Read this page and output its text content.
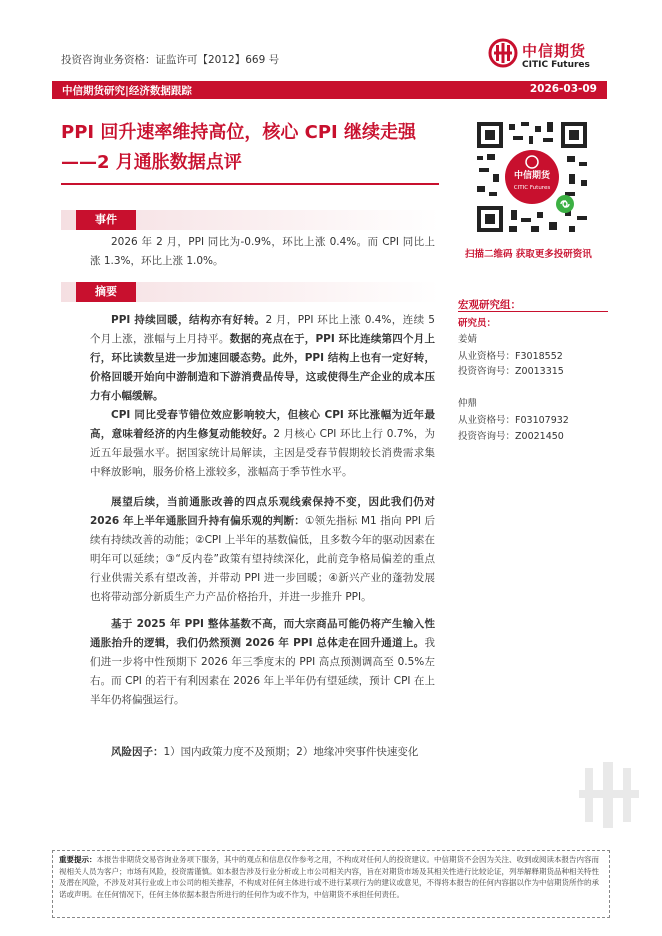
投资咨询业务资格：证监许可【2012】669 号	中信期货
CITIC Futures
中信期货研究|经济数据跟踪	2026-03-09
PPI 回升速率维持高位，核心 CPI 继续走强
——2 月通胀数据点评
中信期货
CITIC Futures
扫描二维码 获取更多投研资讯
事件
2026 年 2 月，PPI 同比为-0.9%，环比上涨 0.4%。而 CPI 同比上涨 1.3%，环比上涨 1.0%。
摘要
PPI 持续回暖，结构亦有好转。2 月，PPI 环比上涨 0.4%，连续 5 个月上涨，涨幅与上月持平。数据的亮点在于，PPI 环比连续第四个月上行，环比读数呈进一步加速回暖态势。此外，PPI 结构上也有一定好转，价格回暖开始向中游制造和下游消费品传导，这或使得生产企业的成本压力有小幅缓解。
CPI 同比受春节错位效应影响较大，但核心 CPI 环比涨幅为近年最高，意味着经济的内生修复动能较好。2 月核心 CPI 环比上行 0.7%，为近五年最强水平。据国家统计局解读，主因是受春节假期较长消费需求集中释放影响，服务价格上涨较多，涨幅高于季节性水平。
展望后续，当前通胀改善的四点乐观线索保持不变，因此我们仍对 2026 年上半年通胀回升持有偏乐观的判断：①领先指标 M1 指向 PPI 后续有持续改善的动能；②CPI 上半年的基数偏低，且多数今年的驱动因素在明年可以延续；③“反内卷”政策有望持续深化，此前竞争格局偏差的重点行业供需关系有望改善，并带动 PPI 进一步回暖；④新兴产业的蓬勃发展也将带动部分新质生产力产品价格抬升，并进一步推升 PPI。
基于 2025 年 PPI 整体基数不高，而大宗商品可能仍将产生输入性通胀抬升的逻辑，我们仍然预测 2026 年 PPI 总体走在回升通道上。我们进一步将中性预期下 2026 年三季度末的 PPI 高点预测调高至 0.5%左右。而 CPI 的若干有利因素在 2026 年上半年仍有望延续，预计 CPI 在上半年仍将偏强运行。
风险因子：1）国内政策力度不及预期；2）地缘冲突事件快速变化
宏观研究组：
研究员：
姜婧
从业资格号：F3018552
投资咨询号：Z0013315
仲鼎
从业资格号：F03107932
投资咨询号：Z0021450
重要提示：本报告非期货交易咨询业务项下服务，其中的观点和信息仅作参考之用，不构成对任何人的投资建议。中信期货不会因为关注、收到或阅读本报告内容而视相关人员为客户；市场有风险，投资需谨慎。如本报告涉及行业分析或上市公司相关内容，旨在对期货市场及其相关性进行比较论证，列举解释期货品种相关特性及潜在风险，不涉及对其行业或上市公司的相关推荐，不构成对任何主体进行或不进行某项行为的建议或意见，不得将本报告的任何内容据以作为中信期货所作的承诺或声明。在任何情况下，任何主体依据本报告所进行的任何作为或不作为，中信期货不承担任何责任。
